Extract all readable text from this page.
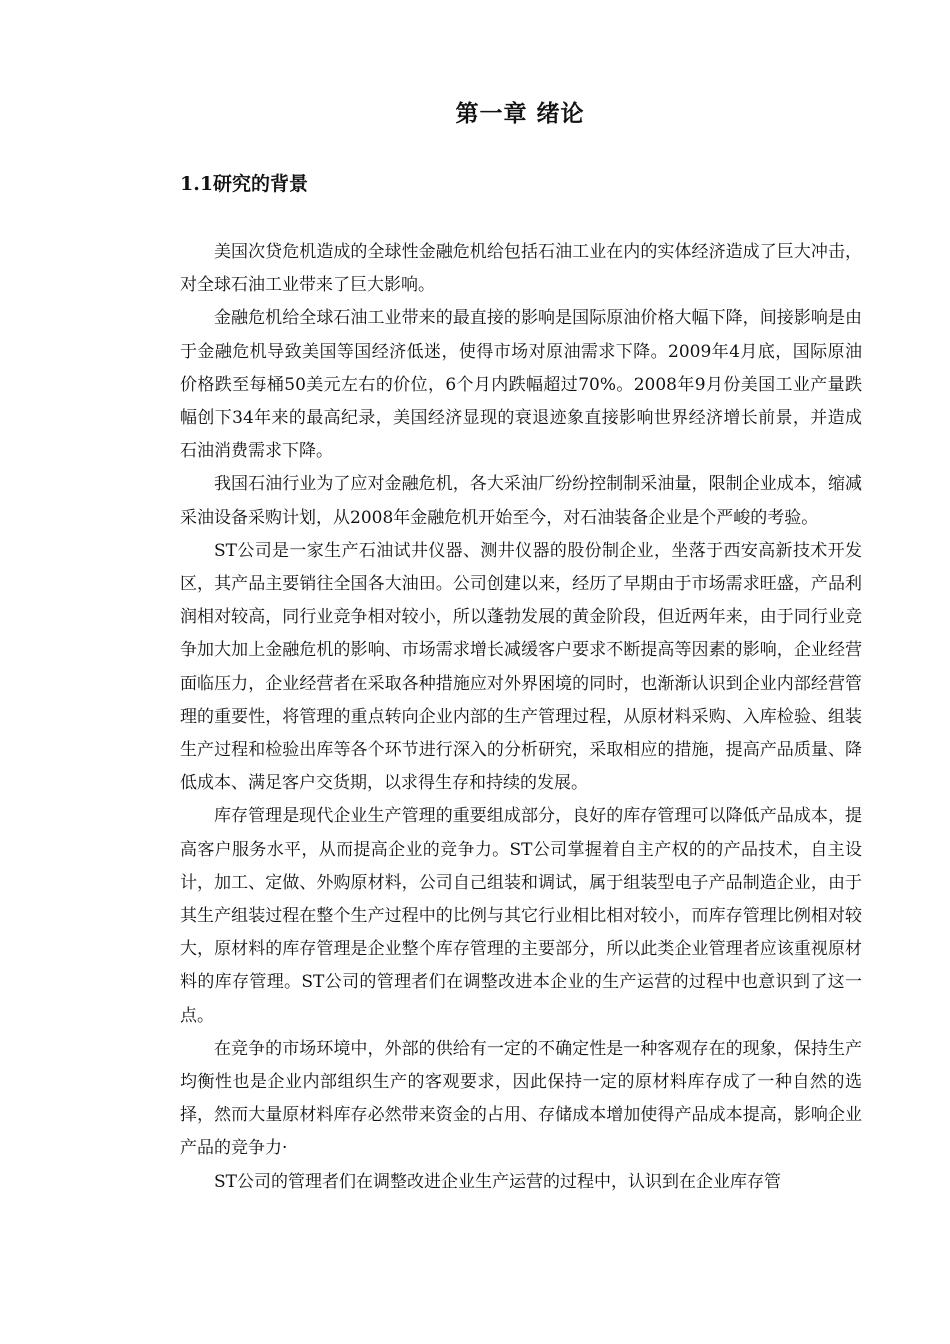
第一章 绪论
1.1研究的背景

美国次贷危机造成的全球性金融危机给包括石油工业在内的实体经济造成了巨大冲击，对全球石油工业带来了巨大影响。

金融危机给全球石油工业带来的最直接的影响是国际原油价格大幅下降，间接影响是由于金融危机导致美国等国经济低迷，使得市场对原油需求下降。2009年4月底，国际原油价格跌至每桶50美元左右的价位，6个月内跌幅超过70%。2008年9月份美国工业产量跌幅创下34年来的最高纪录，美国经济显现的衰退迹象直接影响世界经济增长前景，并造成石油消费需求下降。

我国石油行业为了应对金融危机，各大采油厂纷纷控制制采油量，限制企业成本，缩减采油设备采购计划，从2008年金融危机开始至今，对石油装备企业是个严峻的考验。

ST公司是一家生产石油试井仪器、测井仪器的股份制企业，坐落于西安高新技术开发区，其产品主要销往全国各大油田。公司创建以来，经历了早期由于市场需求旺盛，产品利润相对较高，同行业竞争相对较小，所以蓬勃发展的黄金阶段，但近两年来，由于同行业竞争加大加上金融危机的影响、市场需求增长减缓客户要求不断提高等因素的影响，企业经营面临压力，企业经营者在采取各种措施应对外界困境的同时，也渐渐认识到企业内部经营管理的重要性，将管理的重点转向企业内部的生产管理过程，从原材料采购、入库检验、组装生产过程和检验出库等各个环节进行深入的分析研究，采取相应的措施，提高产品质量、降低成本、满足客户交货期，以求得生存和持续的发展。

库存管理是现代企业生产管理的重要组成部分，良好的库存管理可以降低产品成本，提高客户服务水平，从而提高企业的竞争力。ST公司掌握着自主产权的的产品技术，自主设计，加工、定做、外购原材料，公司自己组装和调试，属于组装型电子产品制造企业，由于其生产组装过程在整个生产过程中的比例与其它行业相比相对较小，而库存管理比例相对较大，原材料的库存管理是企业整个库存管理的主要部分，所以此类企业管理者应该重视原材料的库存管理。ST公司的管理者们在调整改进本企业的生产运营的过程中也意识到了这一点。

在竞争的市场环境中，外部的供给有一定的不确定性是一种客观存在的现象，保持生产均衡性也是企业内部组织生产的客观要求，因此保持一定的原材料库存成了一种自然的选择，然而大量原材料库存必然带来资金的占用、存储成本增加使得产品成本提高，影响企业产品的竞争力·

ST公司的管理者们在调整改进企业生产运营的过程中，认识到在企业库存管
